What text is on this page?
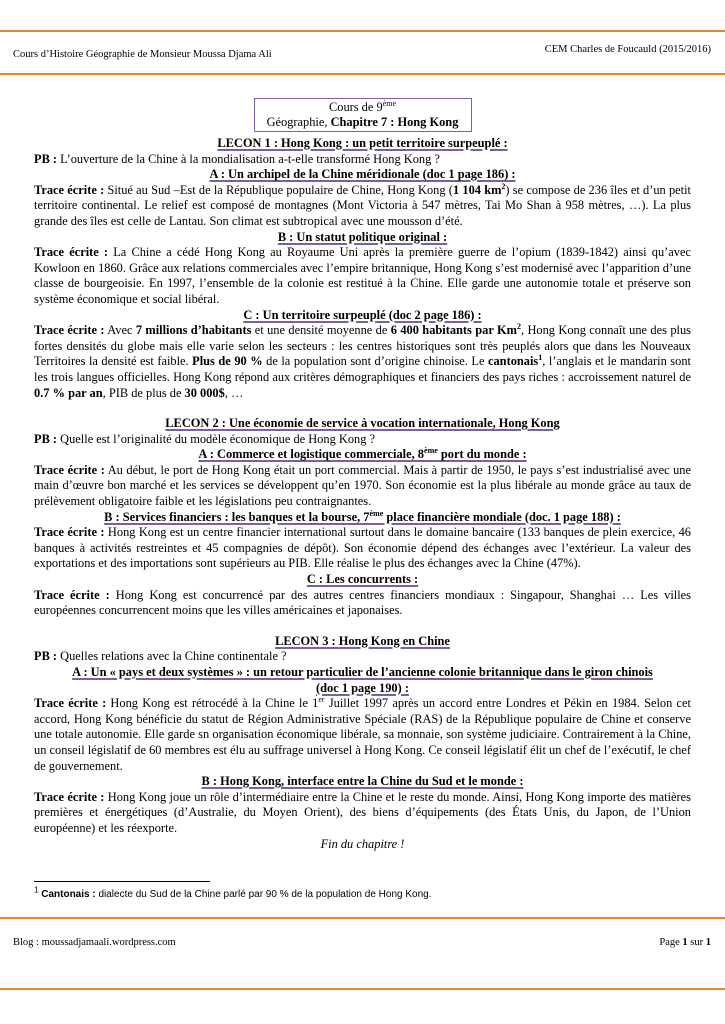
Cours d’Histoire Géographie de Monsieur Moussa Djama Ali	CEM Charles de Foucauld (2015/2016)
Cours de 9ème
Géographie, Chapitre 7 : Hong Kong
LECON 1 : Hong Kong : un petit territoire surpeuplé :
PB : L’ouverture de la Chine à la mondialisation a-t-elle transformé Hong Kong ?
A : Un archipel de la Chine méridionale (doc 1 page 186) :
Trace écrite : Situé au Sud –Est de la République populaire de Chine, Hong Kong (1 104 $km^2$) se compose de 236 îles et d’un petit territoire continental. Le relief est composé de montagnes (Mont Victoria à 547 mètres, Tai Mo Shan à 958 mètres, …). La plus grande des îles est celle de Lantau. Son climat est subtropical avec une mousson d’été.
B : Un statut politique original :
Trace écrite : La Chine a cédé Hong Kong au Royaume Uni après la première guerre de l’opium (1839-1842) ainsi qu’avec Kowloon en 1860. Grâce aux relations commerciales avec l’empire britannique, Hong Kong s’est modernisé avec l’apparition d’une classe de bourgeoisie. En 1997, l’ensemble de la colonie est restitué à la Chine. Elle garde une autonomie totale et préserve son système économique et social libéral.
C : Un territoire surpeuplé (doc 2 page 186) :
Trace écrite : Avec 7 millions d’habitants et une densité moyenne de 6 400 habitants par Km$^2$, Hong Kong connaît une des plus fortes densités du globe mais elle varie selon les secteurs : les centres historiques sont très peuplés alors que dans les Nouveaux Territoires la densité est faible. Plus de 90 % de la population sont d’origine chinoise. Le cantonais$^1$, l’anglais et le mandarin sont les trois langues officielles. Hong Kong répond aux critères démographiques et financiers des pays riches : accroissement naturel de 0.7 % par an, PIB de plus de 30 000$, …
LECON 2 : Une économie de service à vocation internationale, Hong Kong
PB : Quelle est l’originalité du modèle économique de Hong Kong ?
A : Commerce et logistique commerciale, 8ème port du monde :
Trace écrite : Au début, le port de Hong Kong était un port commercial. Mais à partir de 1950, le pays s’est industrialisé avec une main d’œuvre bon marché et les services se développent qu’en 1970. Son économie est la plus libérale au monde grâce au taux de prélèvement obligatoire faible et les législations peu contraignantes.
B : Services financiers : les banques et la bourse, 7ème place financière mondiale (doc. 1 page 188) :
Trace écrite : Hong Kong est un centre financier international surtout dans le domaine bancaire (133 banques de plein exercice, 46 banques à activités restreintes et 45 compagnies de dépôt). Son économie dépend des échanges avec l’extérieur. La valeur des exportations et des importations sont supérieurs au PIB. Elle réalise le plus des échanges avec la Chine (47%).
C : Les concurrents :
Trace écrite : Hong Kong est concurrencé par des autres centres financiers mondiaux : Singapour, Shanghai … Les villes européennes concurrencent moins que les villes américaines et japonaises.
LECON 3 : Hong Kong en Chine
PB : Quelles relations avec la Chine continentale ?
A : Un « pays et deux systèmes » : un retour particulier de l’ancienne colonie britannique dans le giron chinois
(doc 1 page 190) :
Trace écrite : Hong Kong est rétrocédé à la Chine le 1er Juillet 1997 après un accord entre Londres et Pékin en 1984. Selon cet accord, Hong Kong bénéficie du statut de Région Administrative Spéciale (RAS) de la République populaire de Chine et conserve une totale autonomie. Elle garde sn organisation économique libérale, sa monnaie, son système judiciaire. Contrairement à la Chine, un conseil législatif de 60 membres est élu au suffrage universel à Hong Kong. Ce conseil législatif élit un chef de l’exécutif, le chef de gouvernement.
B : Hong Kong, interface entre la Chine du Sud et le monde :
Trace écrite : Hong Kong joue un rôle d’intermédiaire entre la Chine et le reste du monde. Ainsi, Hong Kong importe des matières premières et énergétiques (d’Australie, du Moyen Orient), des biens d’équipements (des États Unis, du Japon, de l’Union européenne) et les réexporte.
Fin du chapitre !
$^1$ Cantonais : dialecte du Sud de la Chine parlé par 90 % de la population de Hong Kong.
Blog : moussadjamaali.wordpress.com	Page 1 sur 1
